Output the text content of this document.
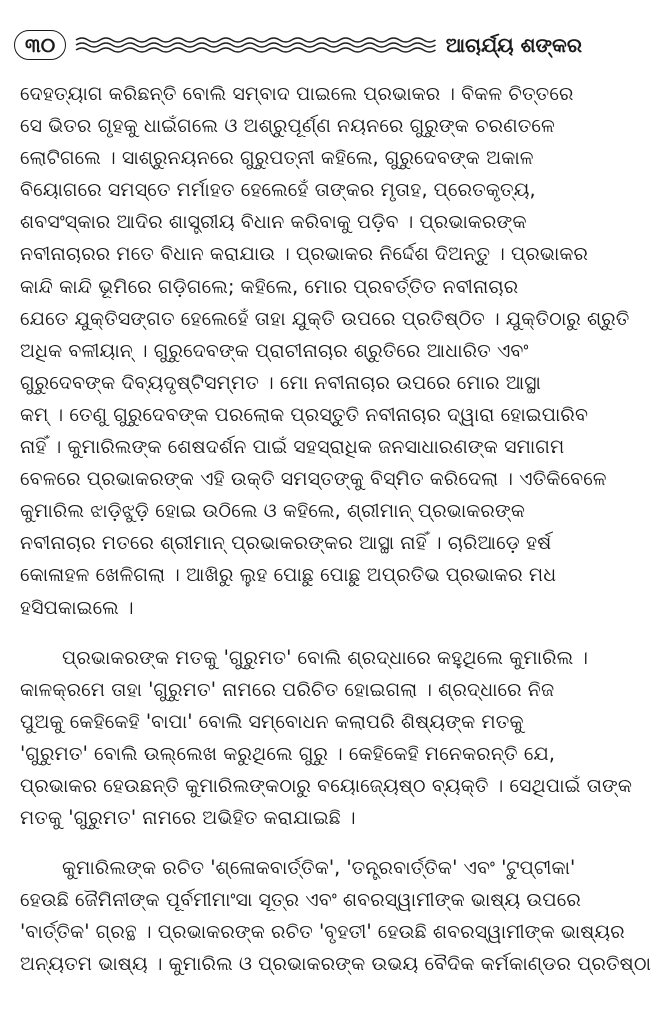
୩୦	ଆଚାର୍ଯ୍ୟ ଶଙ୍କର
ଦେହତ୍ୟାଗ କରିଛନ୍ତି ବୋଲି ସମ୍ବାଦ ପାଇଲେ ପ୍ରଭାକର । ବିକଳ ଚିତ୍ତରେ
ସେ ଭିତର ଗୃହକୁ ଧାଇଁଗଲେ ଓ ଅଶ୍ରୁପୂର୍ଣ୍ଣ ନୟନରେ ଗୁରୁଙ୍କ ଚରଣତଳେ
ଲୋଟିଗଲେ । ସାଶ୍ରୁନୟନରେ ଗୁରୁପତ୍ନୀ କହିଲେ, ଗୁରୁଦେବଙ୍କ ଅକାଳ
ବିୟୋଗରେ ସମସ୍ତେ ମର୍ମାହତ ହେଲେହେଁ ତାଙ୍କର ମୃତାହ, ପ୍ରେତକୃତ୍ୟ,
ଶବସଂସ୍କାର ଆଦିର ଶାସ୍ତ୍ରୀୟ ବିଧାନ କରିବାକୁ ପଡ଼ିବ । ପ୍ରଭାକରଙ୍କ
ନବୀନାଚାରର ମତେ ବିଧାନ କରାଯାଉ । ପ୍ରଭାକର ନିର୍ଦ୍ଦେଶ ଦିଅନ୍ତୁ । ପ୍ରଭାକର
କାନ୍ଦି କାନ୍ଦି ଭୂମିରେ ଗଡ଼ିଗଲେ; କହିଲେ, ମୋର ପ୍ରବର୍ତ୍ତିତ ନବୀନାଚାର
ଯେତେ ଯୁକ୍ତିସଙ୍ଗତ ହେଲେହେଁ ତାହା ଯୁକ୍ତି ଉପରେ ପ୍ରତିଷ୍ଠିତ । ଯୁକ୍ତିଠାରୁ ଶ୍ରୁତି
ଅଧିକ ବଳୀୟାନ୍ । ଗୁରୁଦେବଙ୍କ ପ୍ରାଚୀନାଚାର ଶ୍ରୁତିରେ ଆଧାରିତ ଏବଂ
ଗୁରୁଦେବଙ୍କ ଦିବ୍ୟଦୃଷ୍ଟିସମ୍ମତ । ମୋ ନବୀନାଚାର ଉପରେ ମୋର ଆସ୍ଥା
କମ୍ । ତେଣୁ ଗୁରୁଦେବଙ୍କ ପରଲୋକ ପ୍ରସ୍ତୁତି ନବୀନାଚାର ଦ୍ୱାରା ହୋଇପାରିବ
ନାହିଁ । କୁମାରିଲଙ୍କ ଶେଷଦର୍ଶନ ପାଇଁ ସହସ୍ରାଧିକ ଜନସାଧାରଣଙ୍କ ସମାଗମ
ବେଳରେ ପ୍ରଭାକରଙ୍କ ଏହି ଉକ୍ତି ସମସ୍ତଙ୍କୁ ବିସ୍ମିତ କରିଦେଲା । ଏତିକିବେଳେ
କୁମାରିଲ ଝାଡ଼ିଝୁଡ଼ି ହୋଇ ଉଠିଲେ ଓ କହିଲେ, ଶ୍ରୀମାନ୍ ପ୍ରଭାକରଙ୍କ
ନବୀନାଚାର ମତରେ ଶ୍ରୀମାନ୍ ପ୍ରଭାକରଙ୍କର ଆସ୍ଥା ନାହିଁ । ଚାରିଆଡ଼େ ହର୍ଷ
କୋଳାହଳ ଖେଳିଗଲା । ଆଖିରୁ ଲୁହ ପୋଛୁ ପୋଛୁ ଅପ୍ରତିଭ ପ୍ରଭାକର ମଧ
ହସିପକାଇଲେ ।
ପ୍ରଭାକରଙ୍କ ମତକୁ 'ଗୁରୁମତ' ବୋଲି ଶ୍ରଦ୍ଧାରେ କହୁଥିଲେ କୁମାରିଲ ।
କାଳକ୍ରମେ ତାହା 'ଗୁରୁମତ' ନାମରେ ପରିଚିତ ହୋଇଗଲା । ଶ୍ରଦ୍ଧାରେ ନିଜ
ପୁଅକୁ କେହିକେହି 'ବାପା' ବୋଲି ସମ୍ବୋଧନ କଲାପରି ଶିଷ୍ୟଙ୍କ ମତକୁ
'ଗୁରୁମତ' ବୋଲି ଉଲ୍ଲେଖ କରୁଥିଲେ ଗୁରୁ । କେହିକେହି ମନେକରନ୍ତି ଯେ,
ପ୍ରଭାକର ହେଉଛନ୍ତି କୁମାରିଲଙ୍କଠାରୁ ବୟୋଜ୍ୟେଷ୍ଠ ବ୍ୟକ୍ତି । ସେଥିପାଇଁ ତାଙ୍କ
ମତକୁ 'ଗୁରୁମତ' ନାମରେ ଅଭିହିତ କରାଯାଇଛି ।
କୁମାରିଲଙ୍କ ରଚିତ 'ଶ୍ଳୋକବାର୍ତ୍ତିକ', 'ତନ୍ତ୍ରବାର୍ତ୍ତିକ' ଏବଂ 'ଟୁପ୍‌ଟୀକା'
ହେଉଛି ଜୈମିନୀଙ୍କ ପୂର୍ବମୀମାଂସା ସୂତ୍ର ଏବଂ ଶବରସ୍ୱାମୀଙ୍କ ଭାଷ୍ୟ ଉପରେ
'ବାର୍ତ୍ତିକ' ଗ୍ରନ୍ଥ । ପ୍ରଭାକରଙ୍କ ରଚିତ 'ବୃହତୀ' ହେଉଛି ଶବରସ୍ୱାମୀଙ୍କ ଭାଷ୍ୟର
ଅନ୍ୟତମ ଭାଷ୍ୟ । କୁମାରିଲ ଓ ପ୍ରଭାକରଙ୍କ ଉଭୟ ବୈଦିକ କର୍ମକାଣ୍ଡର ପ୍ରତିଷ୍ଠା
